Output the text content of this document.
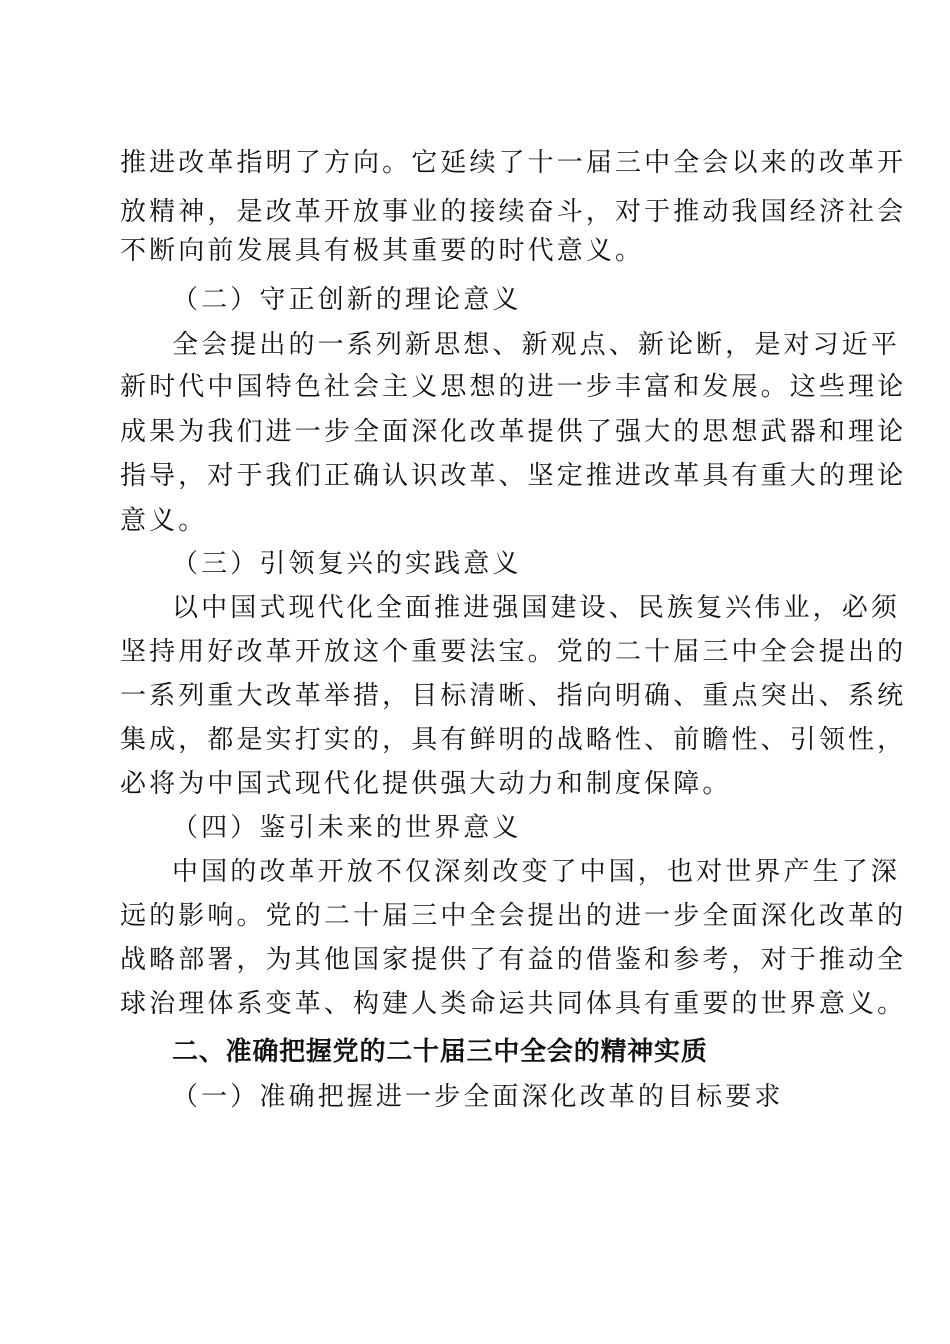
推进改革指明了方向。它延续了十一届三中全会以来的改革开
放精神，是改革开放事业的接续奋斗，对于推动我国经济社会
不断向前发展具有极其重要的时代意义。
（二）守正创新的理论意义
全会提出的一系列新思想、新观点、新论断，是对习近平
新时代中国特色社会主义思想的进一步丰富和发展。这些理论
成果为我们进一步全面深化改革提供了强大的思想武器和理论
指导，对于我们正确认识改革、坚定推进改革具有重大的理论
意义。
（三）引领复兴的实践意义
以中国式现代化全面推进强国建设、民族复兴伟业，必须
坚持用好改革开放这个重要法宝。党的二十届三中全会提出的
一系列重大改革举措，目标清晰、指向明确、重点突出、系统
集成，都是实打实的，具有鲜明的战略性、前瞻性、引领性，
必将为中国式现代化提供强大动力和制度保障。
（四）鉴引未来的世界意义
中国的改革开放不仅深刻改变了中国，也对世界产生了深
远的影响。党的二十届三中全会提出的进一步全面深化改革的
战略部署，为其他国家提供了有益的借鉴和参考，对于推动全
球治理体系变革、构建人类命运共同体具有重要的世界意义。
二、准确把握党的二十届三中全会的精神实质
（一）准确把握进一步全面深化改革的目标要求
